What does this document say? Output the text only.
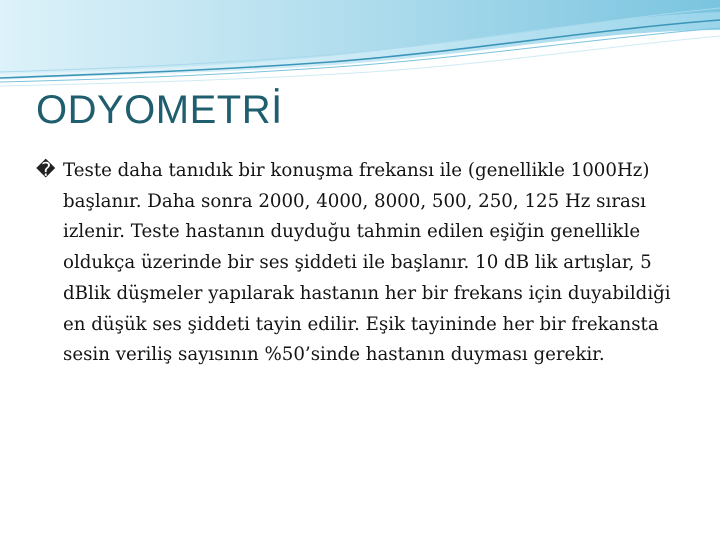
ODYOMETRİ
� Teste daha tanıdık bir konuşma frekansı ile (genellikle 1000Hz) başlanır. Daha sonra 2000, 4000, 8000, 500, 250, 125 Hz sırası izlenir. Teste hastanın duyduğu tahmin edilen eşiğin genellikle oldukça üzerinde bir ses şiddeti ile başlanır. 10 dB lik artışlar, 5 dBlik düşmeler yapılarak hastanın her bir frekans için duyabildiği en düşük ses şiddeti tayin edilir. Eşik tayininde her bir frekansta sesin veriliş sayısının %50’sinde hastanın duyması gerekir.
